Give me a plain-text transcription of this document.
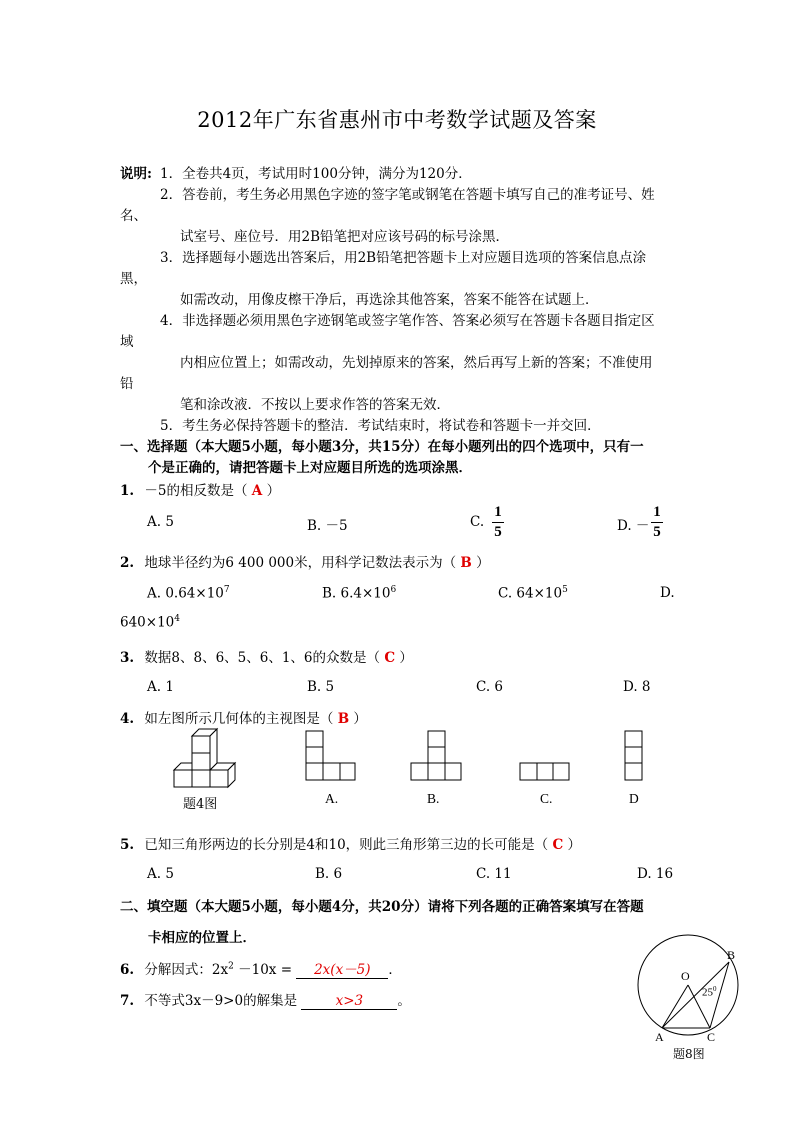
2012年广东省惠州市中考数学试题及答案
说明: 1．全卷共4页，考试用时100分钟，满分为120分．
2．答卷前，考生务必用黑色字迹的签字笔或钢笔在答题卡填写自己的准考证号、姓
名、
试室号、座位号．用2B铅笔把对应该号码的标号涂黑．
3．选择题每小题选出答案后，用2B铅笔把答题卡上对应题目选项的答案信息点涂
黑，
如需改动，用像皮檫干净后，再选涂其他答案，答案不能答在试题上．
4．非选择题必须用黑色字迹钢笔或签字笔作答、答案必须写在答题卡各题目指定区
域
内相应位置上；如需改动，先划掉原来的答案，然后再写上新的答案；不准使用
铅
笔和涂改液．不按以上要求作答的答案无效．
5．考生务必保持答题卡的整洁．考试结束时，将试卷和答题卡一并交回．
一、选择题（本大题5小题，每小题3分，共15分）在每小题列出的四个选项中，只有一
个是正确的，请把答题卡上对应题目所选的选项涂黑．
1. －5的相反数是（ A ）
A. 5	B. －5	C.
1
5	D. －
1
5
2. 地球半径约为6 400 000米，用科学记数法表示为（ B ）
A. $0.64\times 10^7$	B. $6.4\times 10^6$	C. $64\times 10^5$	D.
$640\times 10^4$
3. 数据8、8、6、5、6、1、6的众数是（ C ）
A. 1	B. 5	C. 6	D. 8
4. 如左图所示几何体的主视图是（ B ）
题4图	A.	B.	C.	D
5. 已知三角形两边的长分别是4和10，则此三角形第三边的长可能是（ C ）
A. 5	B. 6	C. 11	D. 16
二、填空题（本大题5小题，每小题4分，共20分）请将下列各题的正确答案填写在答题
卡相应的位置上．
6. 分解因式：$2x^2 -10x = 2x(x-5)$ ．
7. 不等式3x－9>0的解集是	x>3	。
B
O
$25^0$
A	C
题8图
